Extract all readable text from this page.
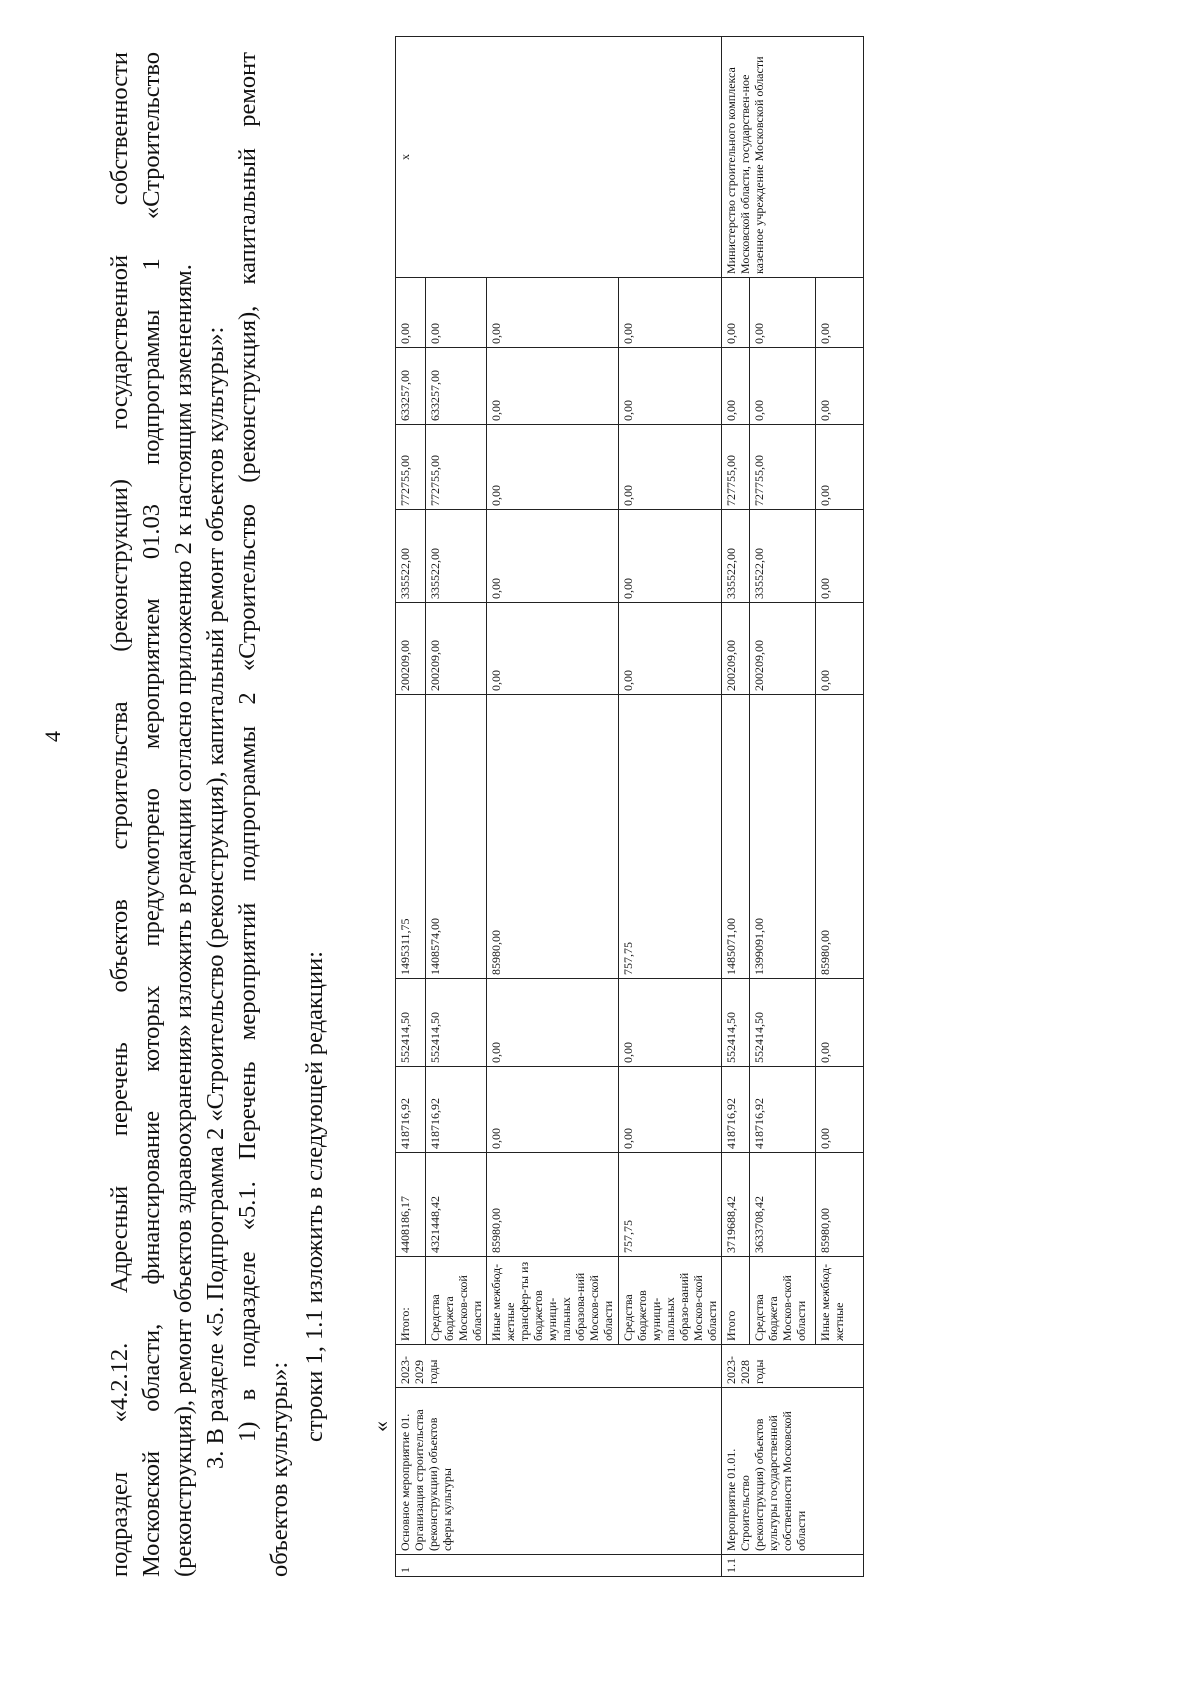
4 подраздел «4.2.12. Адресный перечень объектов строительства (реконструкции) государственной собственности Московской области, финансирование которых предусмотрено мероприятием 01.03 подпрограммы 1 «Строительство (реконструкция), ремонт объектов здравоохранения» изложить в редакции согласно приложению 2 к настоящим изменениям. 3. В разделе «5. Подпрограмма 2 «Строительство (реконструкция), капитальный ремонт объектов культуры»: 1) в подразделе «5.1. Перечень мероприятий подпрограммы 2 «Строительство (реконструкция), капитальный ремонт
объектов культуры»:
строки 1, 1.1 изложить в следующей редакции: «
1	Основное мероприятие 01. Организация строительства (реконструкции) объектов сферы культуры	2023-2029 годы	Итого:	4408186,17	418716,92	552414,50	1495311,75	200209,00	335522,00	772755,00	633257,00	0,00	x
			Средства бюджета Москов-ской области	4321448,42	418716,92	552414,50	1408574,00	200209,00	335522,00	772755,00	633257,00	0,00	
			Иные межбюд-жетные трансфер-ты из бюджетов муници-пальных образова-ний Москов-ской области	85980,00	0,00	0,00	85980,00	0,00	0,00	0,00	0,00	0,00	
			Средства бюджетов муници-пальных образо-ваний Москов-ской области	757,75	0,00	0,00	757,75	0,00	0,00	0,00	0,00	0,00	
1.1	Мероприятие 01.01. Строительство (реконструкция) объектов культуры государственной собственности Московской области	2023-2028 годы	Итого	3719688,42	418716,92	552414,50	1485071,00	200209,00	335522,00	727755,00	0,00	0,00	Министерство строительного комплекса Московской области, государствен-ное казенное учреждение Московской области
			Средства бюджета Москов-ской области	3633708,42	418716,92	552414,50	1399091,00	200209,00	335522,00	727755,00	0,00	0,00	
			Иные межбюд-жетные	85980,00	0,00	0,00	85980,00	0,00	0,00	0,00	0,00	0,00	
